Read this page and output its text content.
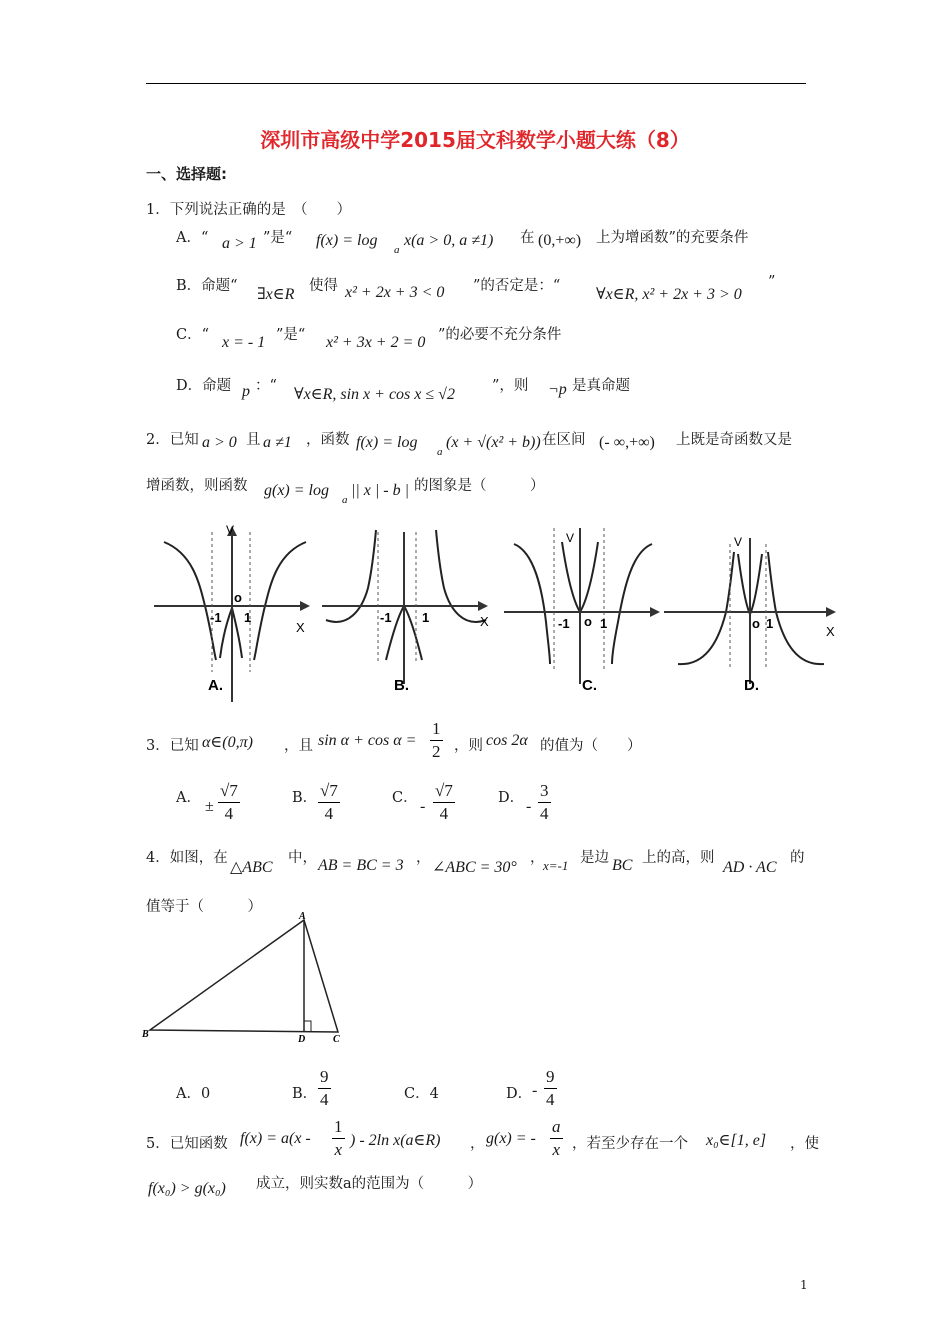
深圳市高级中学2015届文科数学小题大练（8）
一、选择题:
1．下列说法正确的是　（　　）
A．“ a > 1 ”是“ f(x) = log
a
x(a > 0, a ≠1) 在 (0,+∞) 上为增函数”的充要条件
B．命题“ ∃x∈R 使得 x² + 2x + 3 < 0 ”的否定是：“ ∀x∈R, x² + 2x + 3 > 0
”
C．“ x = - 1 ”是“ x² + 3x + 2 = 0 ”的必要不充分条件
D．命题 p ：“ ∀x∈R, sin x + cos x ≤ √2	”，则 ¬p 是真命题
2．已知 a > 0 且 a ≠1 ，函数 f(x) = log
a
(x + √(x² + b)) 在区间 (- ∞,+∞) 上既是奇函数又是
增函数，则函数 g(x) = log
a
|| x | - b | 的图象是（　　　）
V
-1 1
o
X
A.
-1 1	X
B.
V
-1 o 1
C.
V
o 1
X
D.
3．已知 α∈(0,π) ，且 $\sin \alpha + \cos \alpha = \frac{1}{2}$ ，则 cos 2α 的值为（　　）
A． ± $\frac{√7}{4}$	B． $\frac{√7}{4}$	C． - $\frac{√7}{4}$	D． - $\frac{3}{4}$
4．如图，在
△ABC
中， AB = BC = 3 ，
∠ABC = 30°
，
x=-1 是边 BC 上的高，则
AD · AC
的
值等于（　　　）
A
B	D	C
A．0	B． $\frac{9}{4}$	C．4	D． - $\frac{9}{4}$
5．已知函数 $f(x) = a(x - \frac{1}{x}$ ) - 2ln x(a∈R) ， g(x) = - $\frac{a}{x}$ ，若至少存在一个 x₀∈[1, e] ，使
f(x₀) > g(x₀) 成立，则实数a的范围为（　　　）
1
